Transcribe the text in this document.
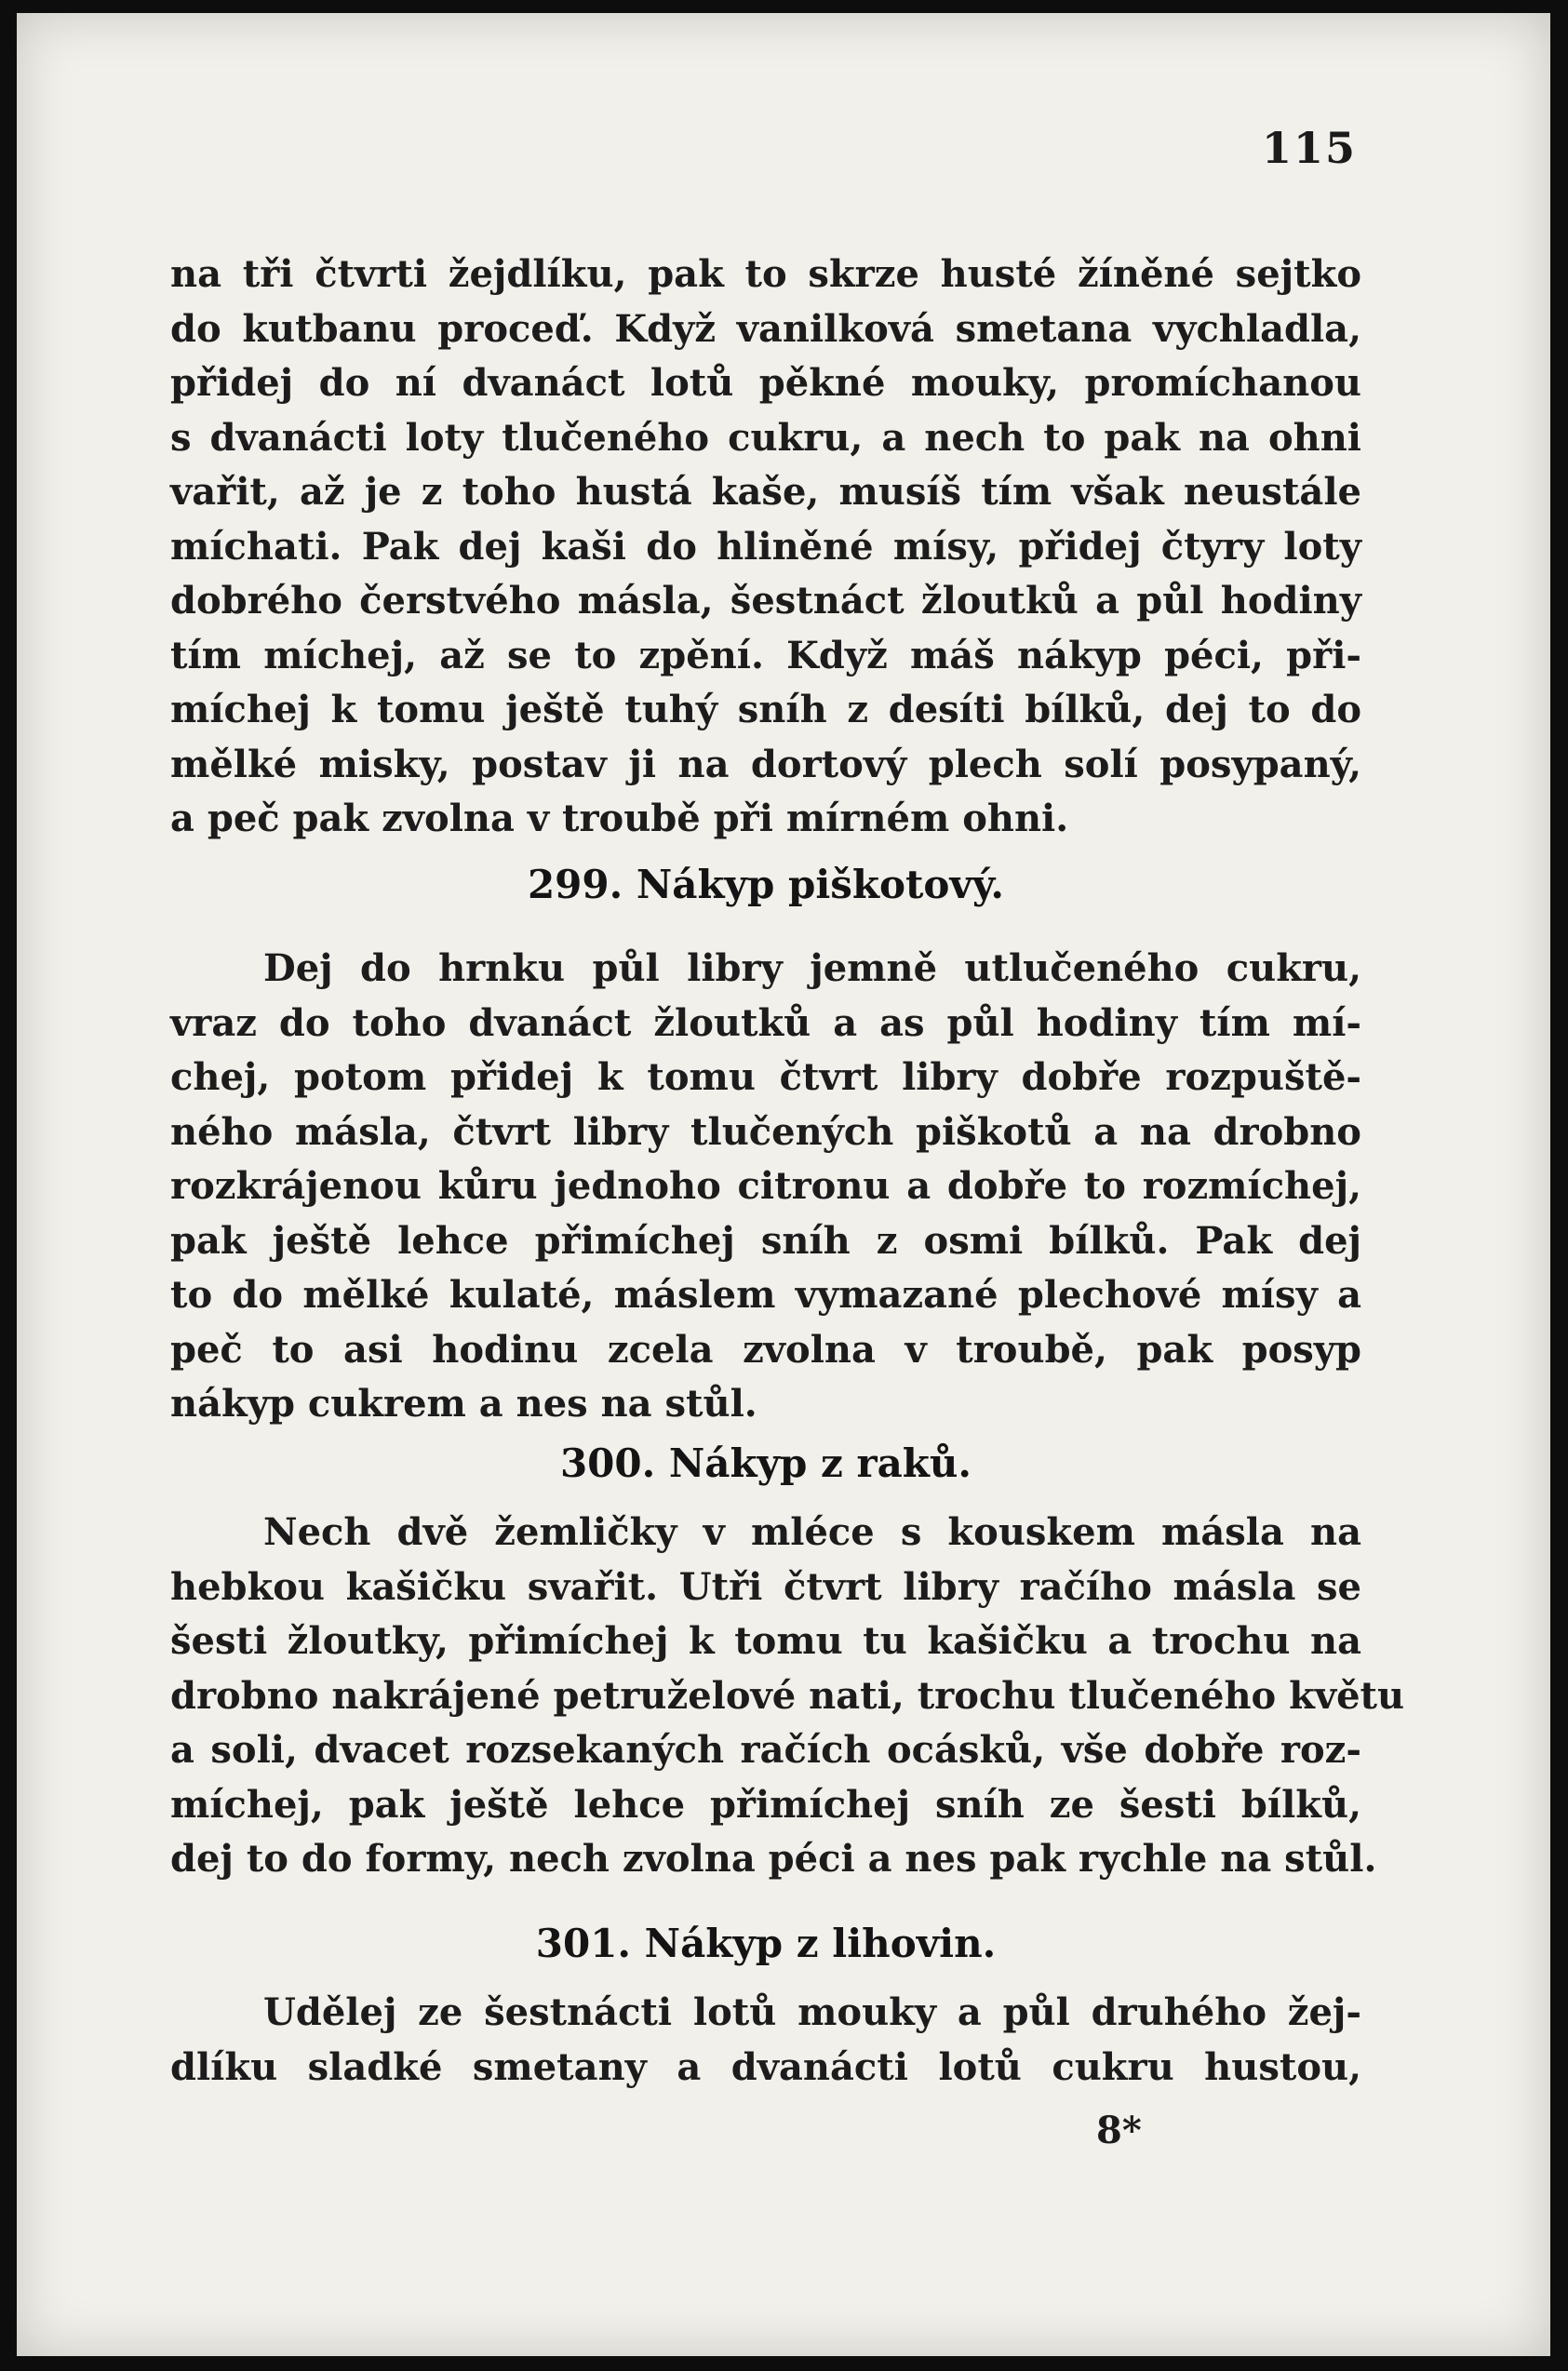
115
na tři čtvrti žejdlíku, pak to skrze husté žíněné sejtko
do kutbanu proceď. Když vanilková smetana vychladla,
přidej do ní dvanáct lotů pěkné mouky, promíchanou
s dvanácti loty tlučeného cukru, a nech to pak na ohni
vařit, až je z toho hustá kaše, musíš tím však neustále
míchati. Pak dej kaši do hliněné mísy, přidej čtyry loty
dobrého čerstvého másla, šestnáct žloutků a půl hodiny
tím míchej, až se to zpění. Když máš nákyp péci, při-
míchej k tomu ještě tuhý sníh z desíti bílků, dej to do
mělké misky, postav ji na dortový plech solí posypaný,
a peč pak zvolna v troubě při mírném ohni.
299. Nákyp piškotový.
Dej do hrnku půl libry jemně utlučeného cukru,
vraz do toho dvanáct žloutků a as půl hodiny tím mí-
chej, potom přidej k tomu čtvrt libry dobře rozpuště-
ného másla, čtvrt libry tlučených piškotů a na drobno
rozkrájenou kůru jednoho citronu a dobře to rozmíchej,
pak ještě lehce přimíchej sníh z osmi bílků. Pak dej
to do mělké kulaté, máslem vymazané plechové mísy a
peč to asi hodinu zcela zvolna v troubě, pak posyp
nákyp cukrem a nes na stůl.
300. Nákyp z raků.
Nech dvě žemličky v mléce s kouskem másla na
hebkou kašičku svařit. Utři čtvrt libry račího másla se
šesti žloutky, přimíchej k tomu tu kašičku a trochu na
drobno nakrájené petruželové nati, trochu tlučeného květu
a soli, dvacet rozsekaných račích ocásků, vše dobře roz-
míchej, pak ještě lehce přimíchej sníh ze šesti bílků,
dej to do formy, nech zvolna péci a nes pak rychle na stůl.
301. Nákyp z lihovin.
Udělej ze šestnácti lotů mouky a půl druhého žej-
dlíku sladké smetany a dvanácti lotů cukru hustou,
8*
